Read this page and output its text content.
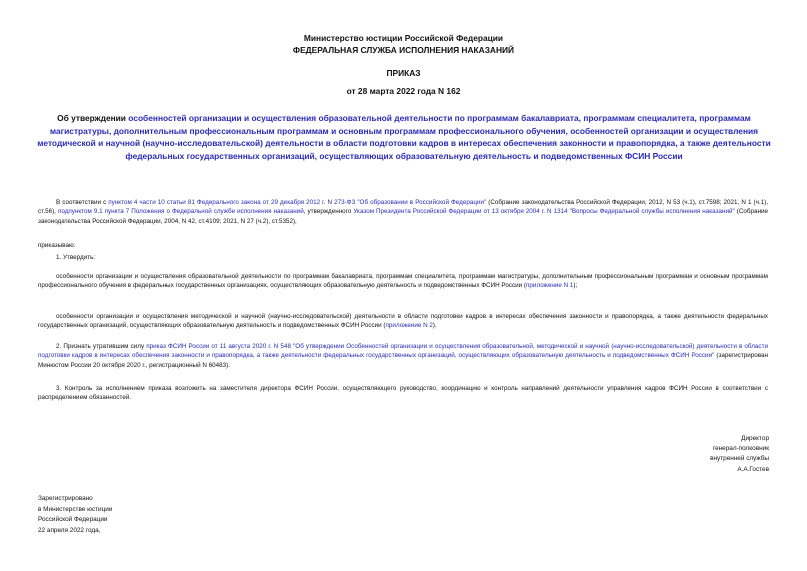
Министерство юстиции Российской Федерации
ФЕДЕРАЛЬНАЯ СЛУЖБА ИСПОЛНЕНИЯ НАКАЗАНИЙ
ПРИКАЗ
от 28 марта 2022 года N 162
Об утверждении особенностей организации и осуществления образовательной деятельности по программам бакалавриата, программам специалитета, программам магистратуры, дополнительным профессиональным программам и основным программам профессионального обучения, особенностей организации и осуществления методической и научной (научно-исследовательской) деятельности в области подготовки кадров в интересах обеспечения законности и правопорядка, а также деятельности федеральных государственных организаций, осуществляющих образовательную деятельность и подведомственных ФСИН России
В соответствии с пунктом 4 части 10 статьи 81 Федерального закона от 29 декабря 2012 г. N 273-ФЗ "Об образовании в Российской Федерации" (Собрание законодательства Российской Федерации, 2012, N 53 (ч.1), ст.7598; 2021, N 1 (ч.1), ст.56), подпунктом 9.1 пункта 7 Положения о Федеральной службе исполнения наказаний, утвержденного Указом Президента Российской Федерации от 13 октября 2004 г. N 1314 "Вопросы Федеральной службы исполнения наказаний" (Собрание законодательства Российской Федерации, 2004, N 42, ст.4109; 2021, N 27 (ч.2), ст.5352),
приказываю:
1. Утвердить:
особенности организации и осуществления образовательной деятельности по программам бакалавриата, программам специалитета, программам магистратуры, дополнительным профессиональным программам и основным программам профессионального обучения в федеральных государственных организациях, осуществляющих образовательную деятельность и подведомственных ФСИН России (приложение N 1);
особенности организации и осуществления методической и научной (научно-исследовательской) деятельности в области подготовки кадров в интересах обеспечения законности и правопорядка, а также деятельности федеральных государственных организаций, осуществляющих образовательную деятельность и подведомственных ФСИН России (приложение N 2).
2. Признать утратившим силу приказ ФСИН России от 11 августа 2020 г. N 548 "Об утверждении Особенностей организации и осуществления образовательной, методической и научной (научно-исследовательской) деятельности в области подготовки кадров в интересах обеспечения законности и правопорядка, а также деятельности федеральных государственных организаций, осуществляющих образовательную деятельность и подведомственных ФСИН России" (зарегистрирован Минюстом России 20 октября 2020 г., регистрационный N 60483).
3. Контроль за исполнением приказа возложить на заместителя директора ФСИН России, осуществляющего руководство, координацию и контроль направлений деятельности управления кадров ФСИН России в соответствии с распределением обязанностей.
Директор
генерал-полковник
внутренней службы
А.А.Гостев
Зарегистрировано
в Министерстве юстиции
Российской Федерации
22 апреля 2022 года,
